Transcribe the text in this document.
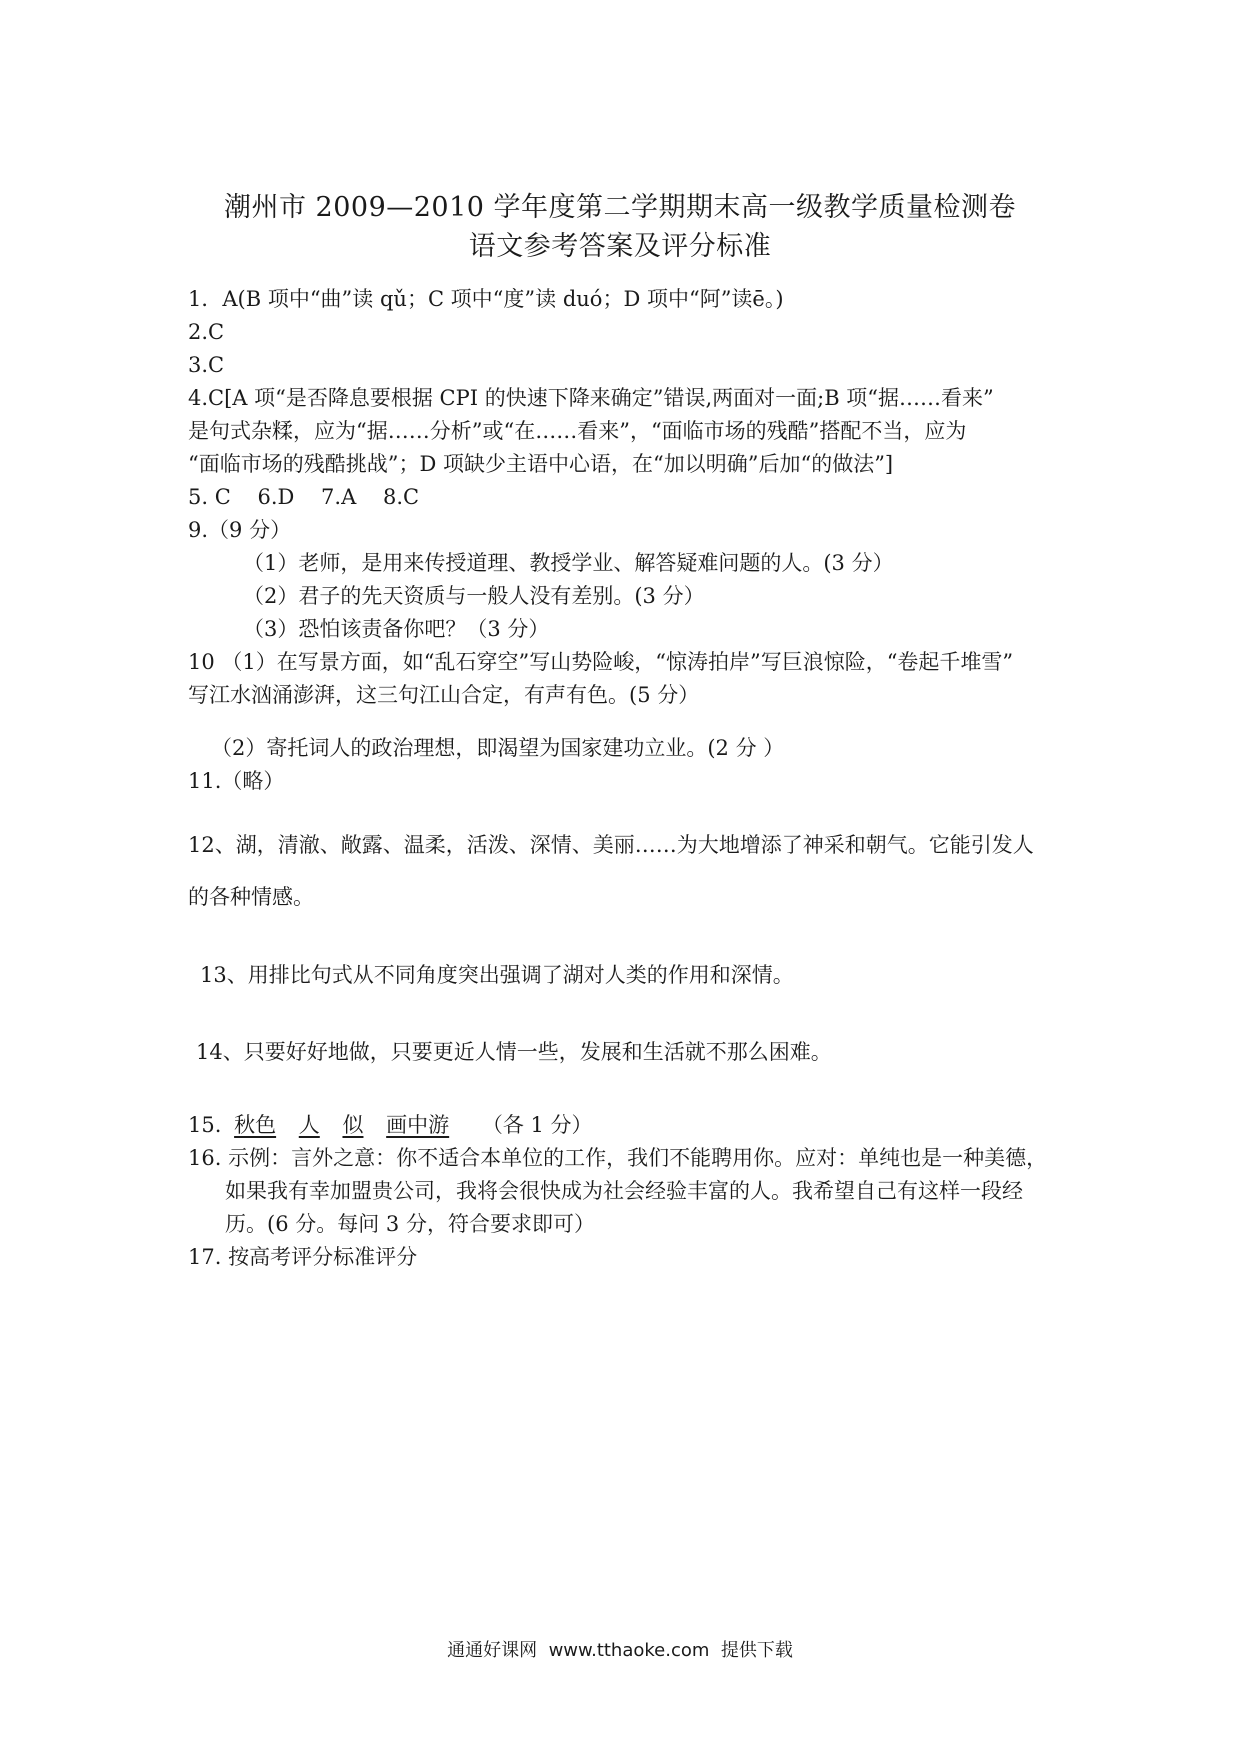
潮州市 2009—2010 学年度第二学期期末高一级教学质量检测卷
语文参考答案及评分标准
1．A(B 项中“曲”读 qǔ；C 项中“度”读 duó；D 项中“阿”读ē。)
2.C
3.C
4.C[A 项“是否降息要根据 CPI 的快速下降来确定”错误,两面对一面;B 项“据……看来”
是句式杂糅，应为“据……分析”或“在……看来”，“面临市场的残酷”搭配不当，应为
“面临市场的残酷挑战”；D 项缺少主语中心语，在“加以明确”后加“的做法”]
5. C    6.D    7.A    8.C
9.（9 分）
（1）老师，是用来传授道理、教授学业、解答疑难问题的人。(3 分）
（2）君子的先天资质与一般人没有差别。(3 分）
（3）恐怕该责备你吧？（3 分）
10 （1）在写景方面，如“乱石穿空”写山势险峻，“惊涛拍岸”写巨浪惊险，“卷起千堆雪”
写江水汹涌澎湃，这三句江山合定，有声有色。(5 分）
（2）寄托词人的政治理想，即渴望为国家建功立业。(2 分 ）
11.（略）
12、湖，清澈、敞露、温柔，活泼、深情、美丽……为大地增添了神采和朝气。它能引发人
的各种情感。
13、用排比句式从不同角度突出强调了湖对人类的作用和深情。
14、只要好好地做，只要更近人情一些，发展和生活就不那么困难。
15. 秋色 人 似 画中游 （各 1 分）
16. 示例：言外之意：你不适合本单位的工作，我们不能聘用你。应对：单纯也是一种美德，
如果我有幸加盟贵公司，我将会很快成为社会经验丰富的人。我希望自己有这样一段经
历。(6 分。每问 3 分，符合要求即可）
17. 按高考评分标准评分
通通好课网  www.tthaoke.com  提供下载
